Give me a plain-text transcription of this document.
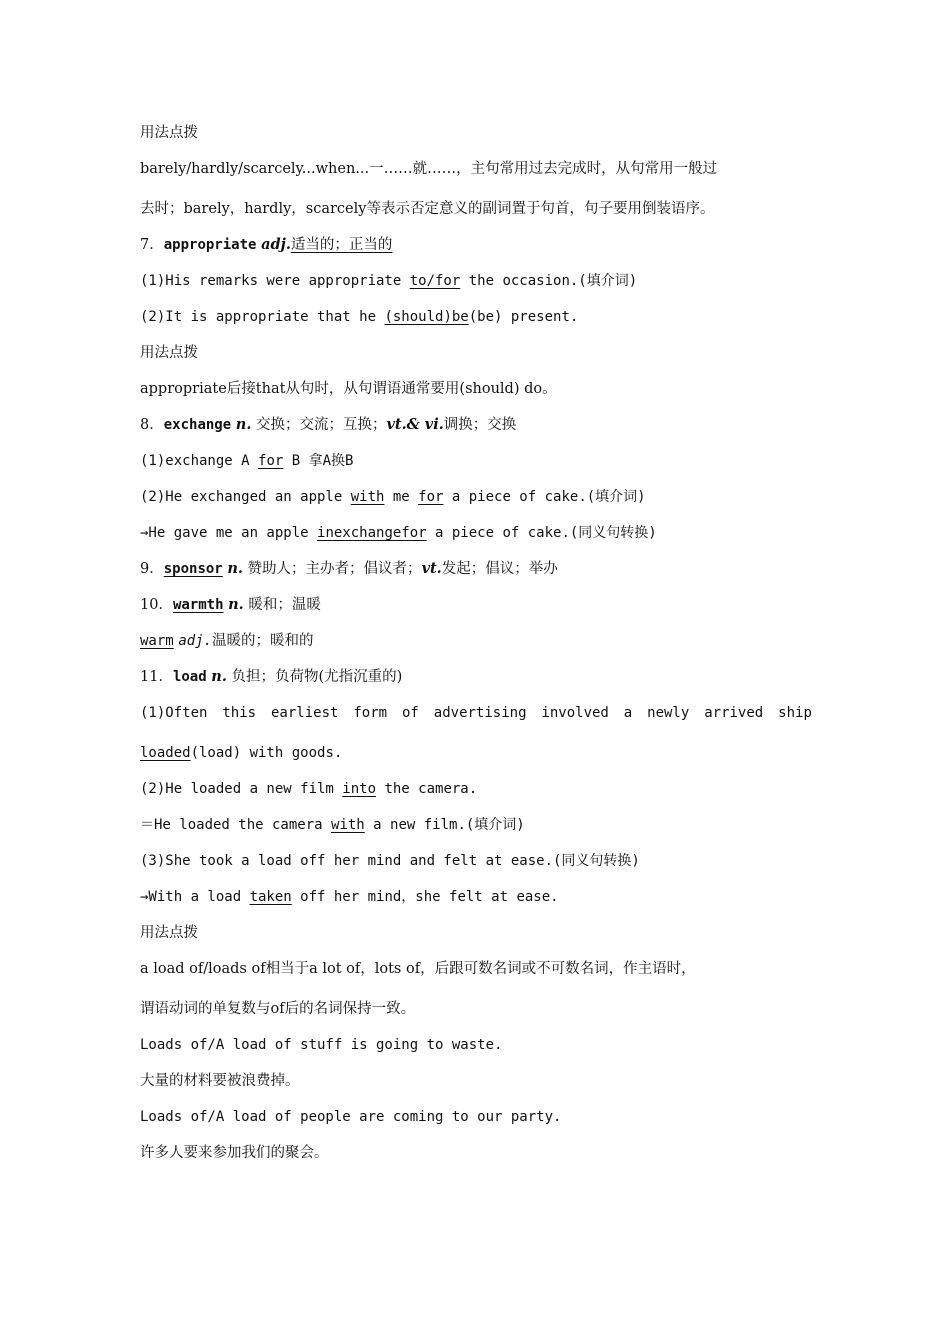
用法点拨
barely/hardly/scarcely...when...一……就……，主句常用过去完成时，从句常用一般过
去时；barely，hardly，scarcely等表示否定意义的副词置于句首，句子要用倒装语序。
7．appropriate adj.适当的；正当的
(1)His remarks were appropriate to/for the occasion.(填介词)
(2)It is appropriate that he (should)be(be) present.
用法点拨
appropriate后接that从句时，从句谓语通常要用(should) do。
8．exchange n. 交换；交流；互换；vt.& vi.调换；交换
(1)exchange A for B 拿A换B
(2)He exchanged an apple with me for a piece of cake.(填介词)
→He gave me an apple inexchangefor a piece of cake.(同义句转换)
9．sponsor n. 赞助人；主办者；倡议者；vt.发起；倡议；举办
10．warmth n. 暖和；温暖
warm adj.温暖的；暖和的
11．load n. 负担；负荷物(尤指沉重的)
(1)Often this earliest form of advertising involved a newly arrived ship
loaded(load) with goods.
(2)He loaded a new film into the camera.
＝He loaded the camera with a new film.(填介词)
(3)She took a load off her mind and felt at ease.(同义句转换)
→With a load taken off her mind，she felt at ease.
用法点拨
a load of/loads of相当于a lot of，lots of，后跟可数名词或不可数名词，作主语时，
谓语动词的单复数与of后的名词保持一致。
Loads of/A load of stuff is going to waste.
大量的材料要被浪费掉。
Loads of/A load of people are coming to our party.
许多人要来参加我们的聚会。
